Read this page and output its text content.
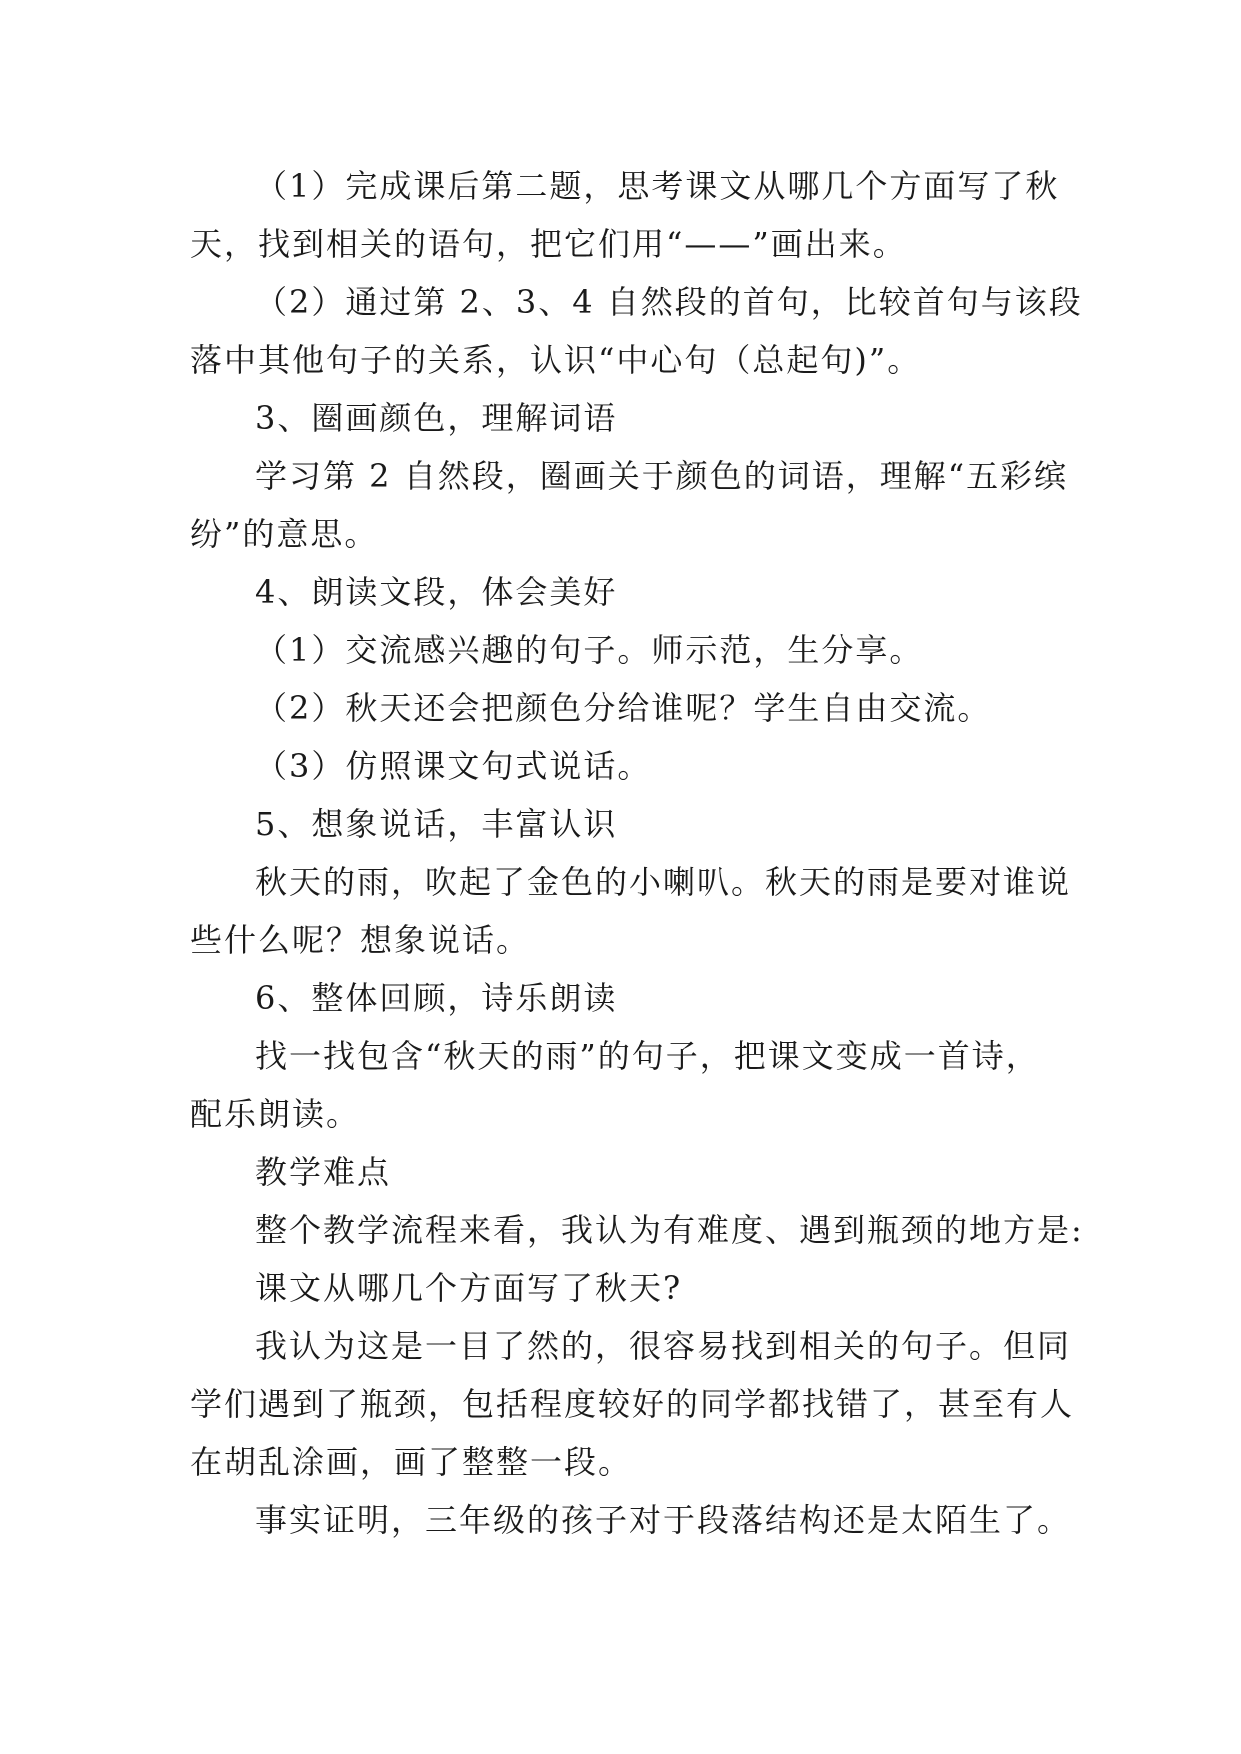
（1）完成课后第二题，思考课文从哪几个方面写了秋
天，找到相关的语句，把它们用“——”画出来。
（2）通过第 2、3、4 自然段的首句，比较首句与该段
落中其他句子的关系，认识“中心句（总起句)”。
3、圈画颜色，理解词语
学习第 2 自然段，圈画关于颜色的词语，理解“五彩缤
纷”的意思。
4、朗读文段，体会美好
（1）交流感兴趣的句子。师示范，生分享。
（2）秋天还会把颜色分给谁呢？学生自由交流。
（3）仿照课文句式说话。
5、想象说话，丰富认识
秋天的雨，吹起了金色的小喇叭。秋天的雨是要对谁说
些什么呢？想象说话。
6、整体回顾，诗乐朗读
找一找包含“秋天的雨”的句子，把课文变成一首诗，
配乐朗读。
教学难点
整个教学流程来看，我认为有难度、遇到瓶颈的地方是:
课文从哪几个方面写了秋天?
我认为这是一目了然的，很容易找到相关的句子。但同
学们遇到了瓶颈，包括程度较好的同学都找错了，甚至有人
在胡乱涂画，画了整整一段。
事实证明，三年级的孩子对于段落结构还是太陌生了。
